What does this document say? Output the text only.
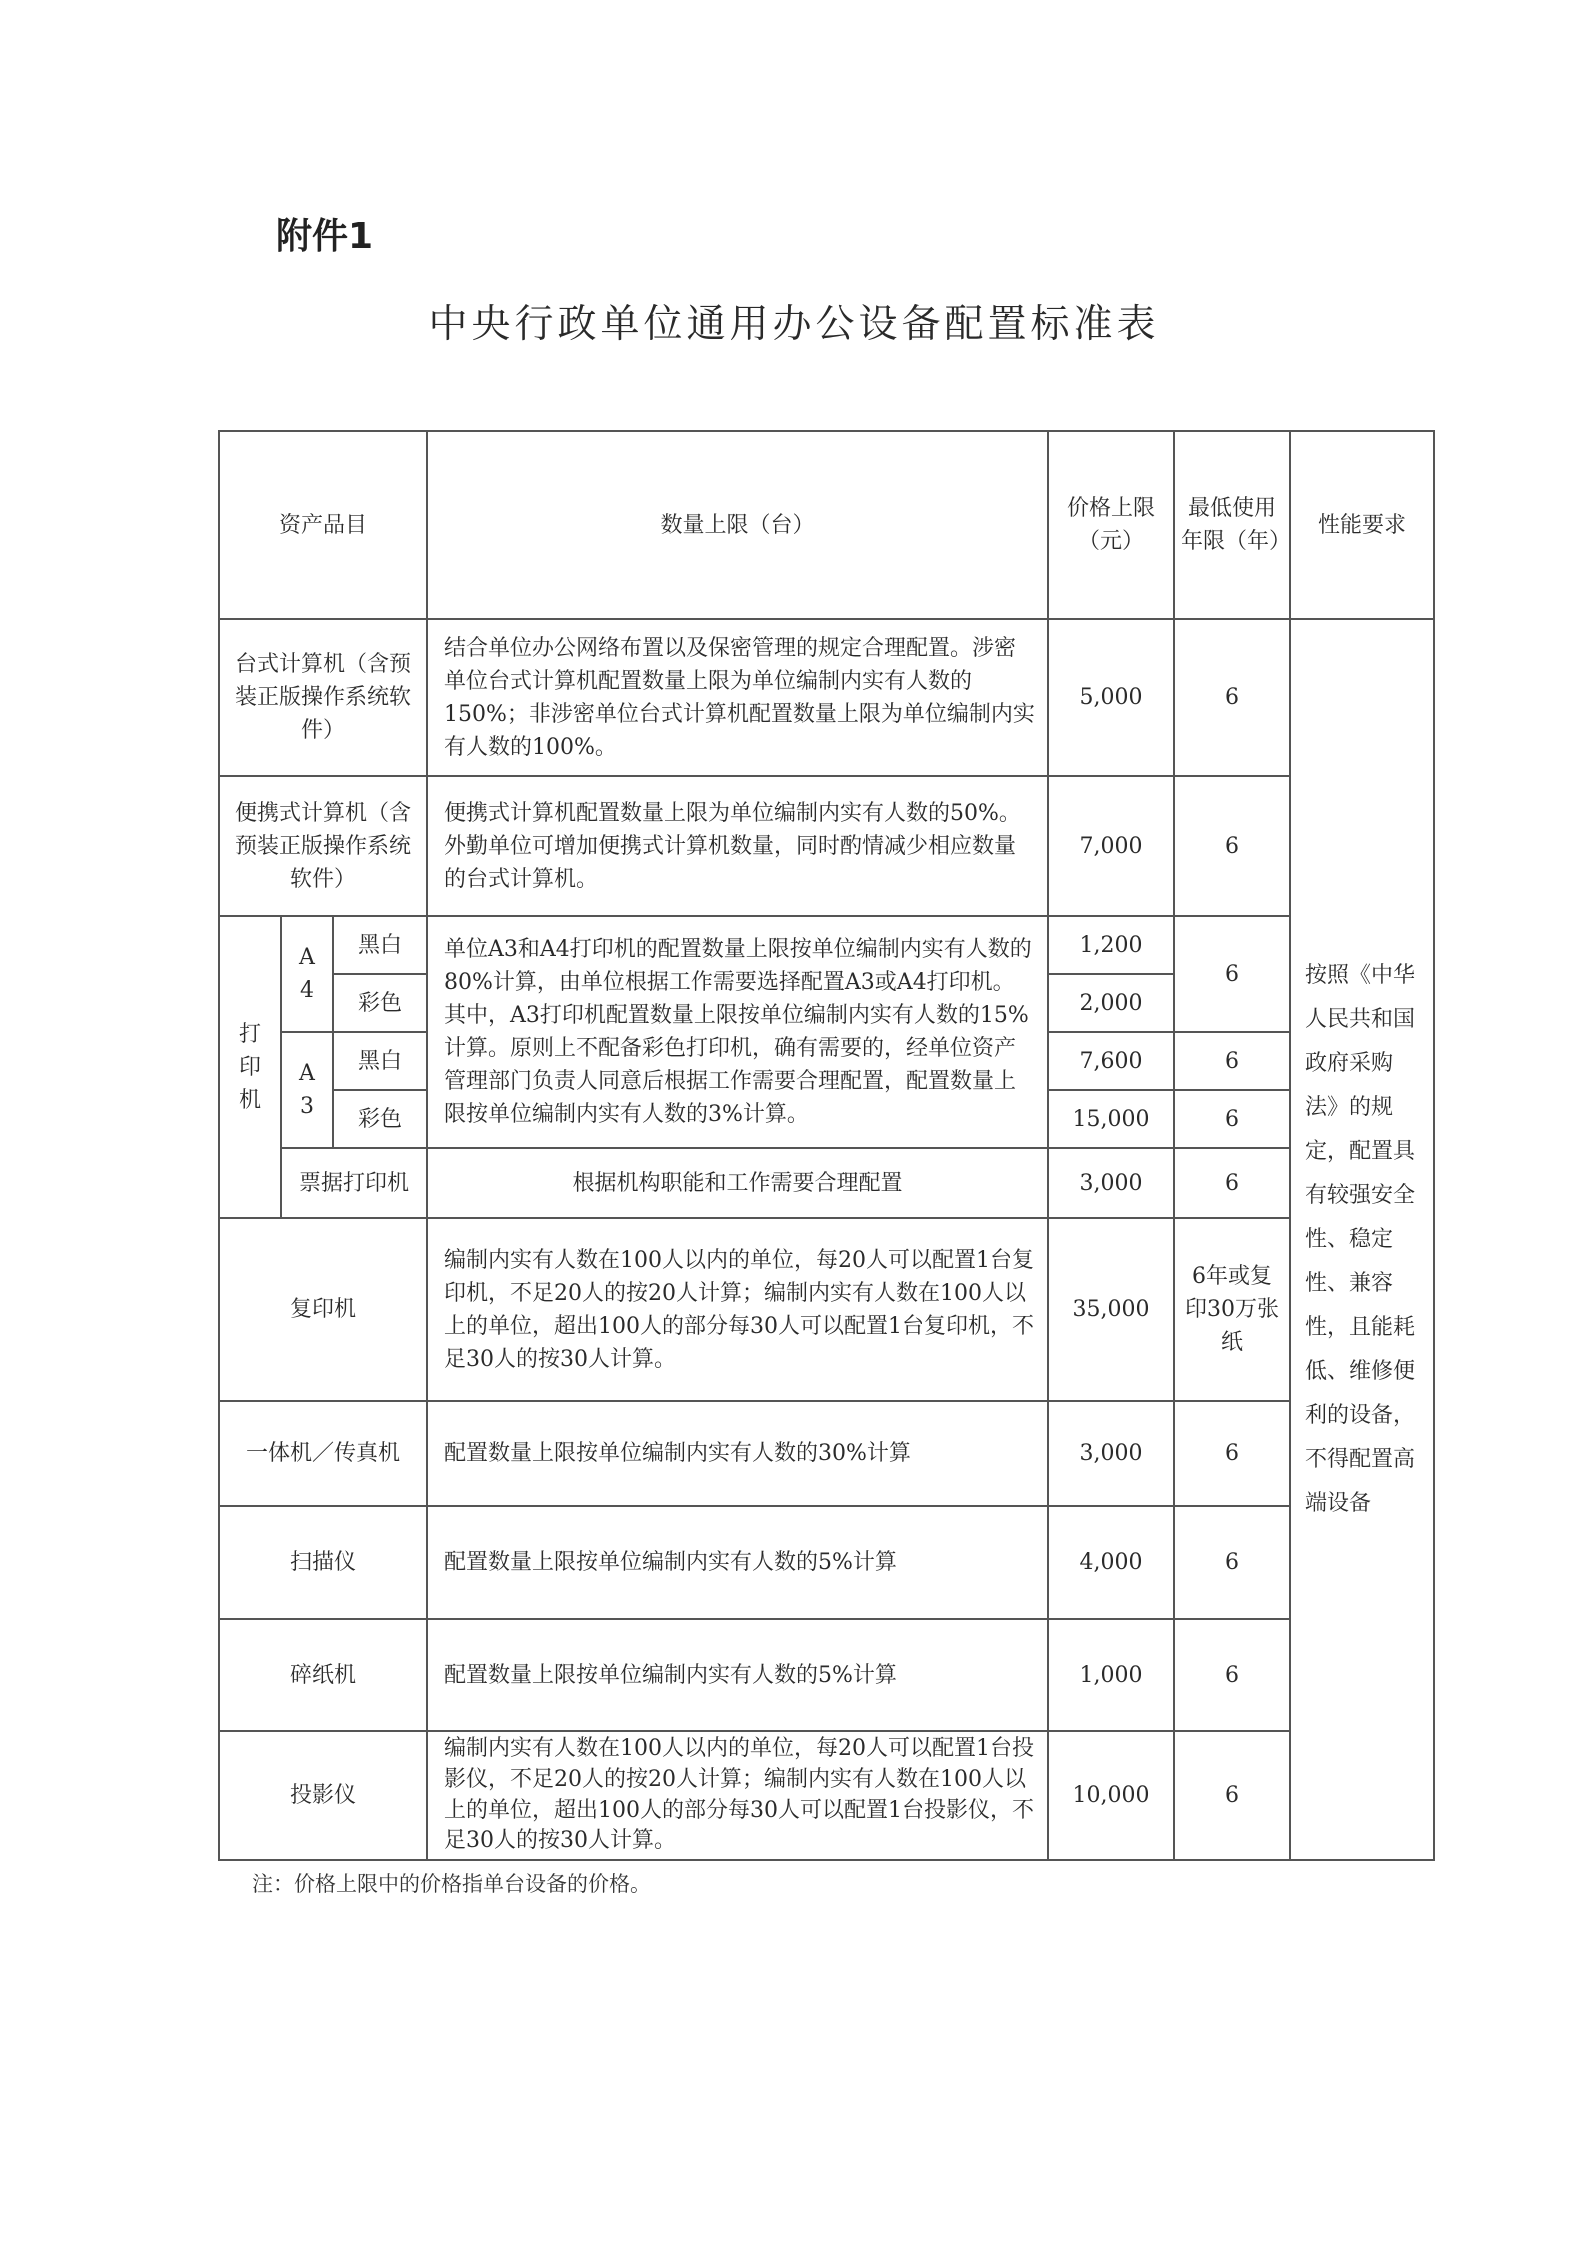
附件1
中央行政单位通用办公设备配置标准表
资产品目			数量上限（台）	价格上限（元）	最低使用年限（年）	性能要求
台式计算机（含预装正版操作系统软件）			结合单位办公网络布置以及保密管理的规定合理配置。涉密单位台式计算机配置数量上限为单位编制内实有人数的150%；非涉密单位台式计算机配置数量上限为单位编制内实有人数的100%。	5,000	6	按照《中华人民共和国政府采购法》的规定，配置具有较强安全性、稳定性、兼容性，且能耗低、维修便利的设备，不得配置高端设备
便携式计算机（含预装正版操作系统软件）			便携式计算机配置数量上限为单位编制内实有人数的50%。外勤单位可增加便携式计算机数量，同时酌情减少相应数量的台式计算机。	7,000	6	
打印机	A4	黑白	单位A3和A4打印机的配置数量上限按单位编制内实有人数的80%计算，由单位根据工作需要选择配置A3或A4打印机。其中，A3打印机配置数量上限按单位编制内实有人数的15%计算。原则上不配备彩色打印机，确有需要的，经单位资产管理部门负责人同意后根据工作需要合理配置，配置数量上限按单位编制内实有人数的3%计算。	1,200	6	
		彩色		2,000		
	A3	黑白		7,600	6	
		彩色		15,000	6	
	票据打印机		根据机构职能和工作需要合理配置	3,000	6	
复印机			编制内实有人数在100人以内的单位，每20人可以配置1台复印机，不足20人的按20人计算；编制内实有人数在100人以上的单位，超出100人的部分每30人可以配置1台复印机，不足30人的按30人计算。	35,000	6年或复印30万张纸	
一体机／传真机			配置数量上限按单位编制内实有人数的30%计算	3,000	6	
扫描仪			配置数量上限按单位编制内实有人数的5%计算	4,000	6	
碎纸机			配置数量上限按单位编制内实有人数的5%计算	1,000	6	
投影仪			编制内实有人数在100人以内的单位，每20人可以配置1台投影仪，不足20人的按20人计算；编制内实有人数在100人以上的单位，超出100人的部分每30人可以配置1台投影仪，不足30人的按30人计算。	10,000	6	
注：价格上限中的价格指单台设备的价格。
